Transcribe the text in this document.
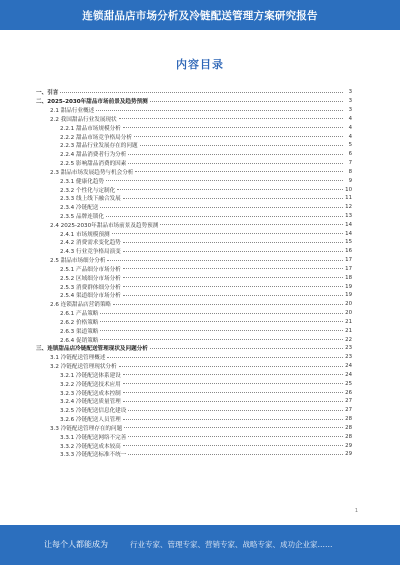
连锁甜品店市场分析及冷链配送管理方案研究报告
内容目录
一、引言	3
二、2025-2030年甜品市场前景及趋势预测	3
2.1 甜品行业概述	3
2.2 我国甜品行业发展现状	4
2.2.1 甜品市场规模分析	4
2.2.2 甜品市场竞争格局分析	4
2.2.3 甜品行业发展存在的问题	5
2.2.4 甜品消费者行为分析	6
2.2.5 影响甜品消费的因素	7
2.3 甜品市场发展趋势与机会分析	8
2.3.1 健康化趋势	9
2.3.2 个性化与定制化	10
2.3.3 线上线下融合发展	11
2.3.4 冷链配送	12
2.3.5 品牌连锁化	13
2.4 2025-2030年甜品市场前景及趋势预测	14
2.4.1 市场规模预测	14
2.4.2 消费需求变化趋势	15
2.4.3 行业竞争格局演变	16
2.5 甜品市场细分分析	17
2.5.1 产品细分市场分析	17
2.5.2 区域细分市场分析	18
2.5.3 消费群体细分分析	19
2.5.4 渠道细分市场分析	19
2.6 连锁甜品店营销策略	20
2.6.1 产品策略	20
2.6.2 价格策略	21
2.6.3 渠道策略	21
2.6.4 促销策略	22
三、连锁甜品店冷链配送管理现状及问题分析	23
3.1 冷链配送管理概述	23
3.2 冷链配送管理现状分析	24
3.2.1 冷链配送体系建设	24
3.2.2 冷链配送技术应用	25
3.2.3 冷链配送成本控制	26
3.2.4 冷链配送质量管理	27
3.2.5 冷链配送信息化建设	27
3.2.6 冷链配送人员管理	28
3.3 冷链配送管理存在的问题	28
3.3.1 冷链配送网络不完善	28
3.3.2 冷链配送成本较高	29
3.3.3 冷链配送标准不统一	29
1
让每个人都能成为	行业专家、管理专家、营销专家、战略专家、成功企业家……
